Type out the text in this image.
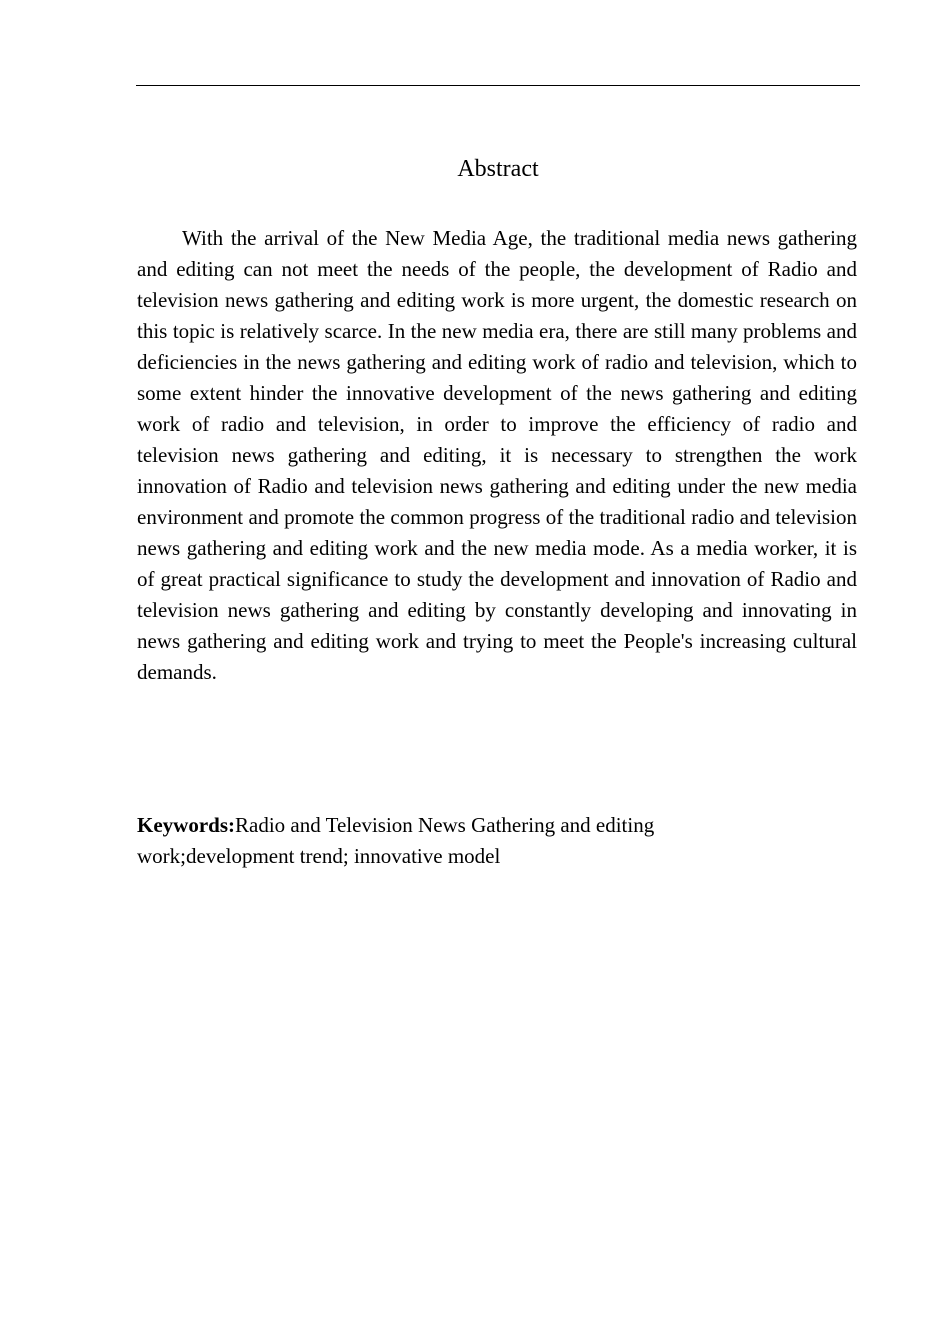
Abstract

With the arrival of the New Media Age, the traditional media news gathering and editing can not meet the needs of the people, the development of Radio and television news gathering and editing work is more urgent, the domestic research on this topic is relatively scarce. In the new media era, there are still many problems and deficiencies in the news gathering and editing work of radio and television, which to some extent hinder the innovative development of the news gathering and editing work of radio and television, in order to improve the efficiency of radio and television news gathering and editing, it is necessary to strengthen the work innovation of Radio and television news gathering and editing under the new media environment and promote the common progress of the traditional radio and television news gathering and editing work and the new media mode. As a media worker, it is of great practical significance to study the development and innovation of Radio and television news gathering and editing by constantly developing and innovating in news gathering and editing work and trying to meet the People's increasing cultural demands.

Keywords:Radio and Television News Gathering and editing work;development trend; innovative model
